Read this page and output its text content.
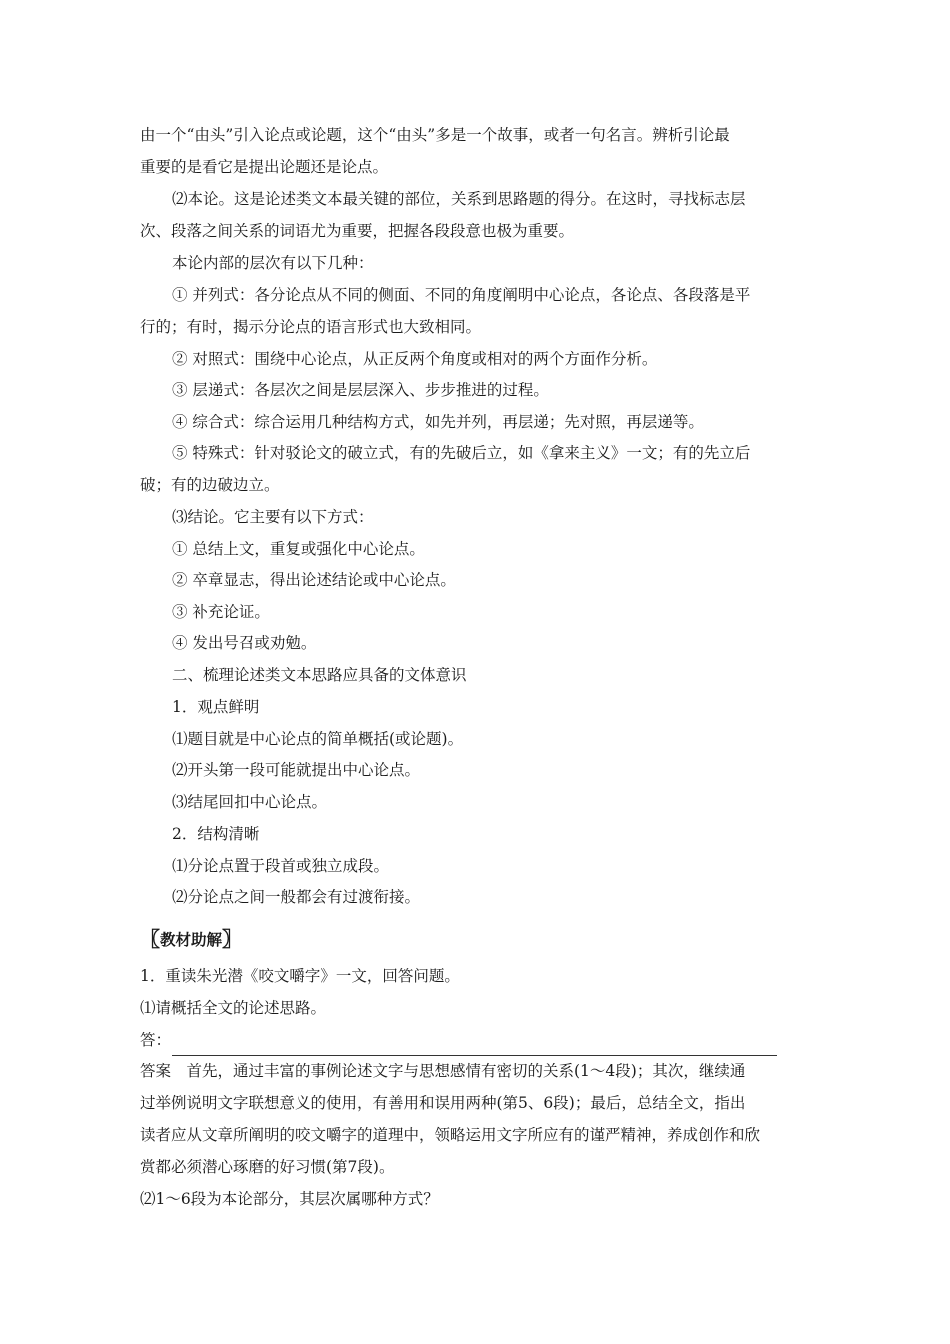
由一个“由头”引入论点或论题，这个“由头”多是一个故事，或者一句名言。辨析引论最
重要的是看它是提出论题还是论点。
⑵本论。这是论述类文本最关键的部位，关系到思路题的得分。在这时，寻找标志层
次、段落之间关系的词语尤为重要，把握各段段意也极为重要。
本论内部的层次有以下几种：
① 并列式：各分论点从不同的侧面、不同的角度阐明中心论点，各论点、各段落是平
行的；有时，揭示分论点的语言形式也大致相同。
② 对照式：围绕中心论点，从正反两个角度或相对的两个方面作分析。
③ 层递式：各层次之间是层层深入、步步推进的过程。
④ 综合式：综合运用几种结构方式，如先并列，再层递；先对照，再层递等。
⑤ 特殊式：针对驳论文的破立式，有的先破后立，如《拿来主义》一文；有的先立后
破；有的边破边立。
⑶结论。它主要有以下方式：
① 总结上文，重复或强化中心论点。
② 卒章显志，得出论述结论或中心论点。
③ 补充论证。
④ 发出号召或劝勉。
二、梳理论述类文本思路应具备的文体意识
1．观点鲜明
⑴题目就是中心论点的简单概括(或论题)。
⑵开头第一段可能就提出中心论点。
⑶结尾回扣中心论点。
2．结构清晰
⑴分论点置于段首或独立成段。
⑵分论点之间一般都会有过渡衔接。
〖教材助解〗
1．重读朱光潜《咬文嚼字》一文，回答问题。
⑴请概括全文的论述思路。
答：
答案　首先，通过丰富的事例论述文字与思想感情有密切的关系(1～4段)；其次，继续通
过举例说明文字联想意义的使用，有善用和误用两种(第5、6段)；最后，总结全文，指出
读者应从文章所阐明的咬文嚼字的道理中，领略运用文字所应有的谨严精神，养成创作和欣
赏都必须潜心琢磨的好习惯(第7段)。
⑵1～6段为本论部分，其层次属哪种方式？
